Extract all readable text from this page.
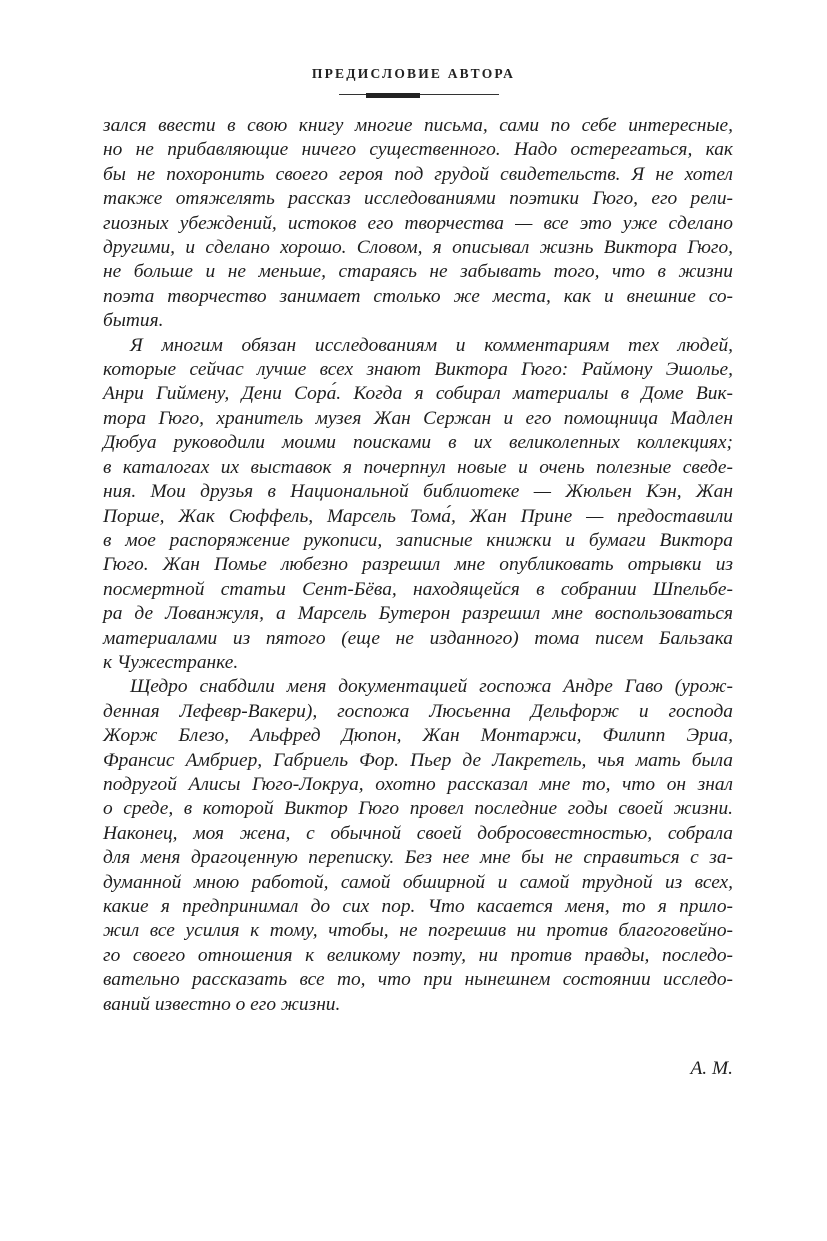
ПРЕДИСЛОВИЕ АВТОРА
зался ввести в свою книгу многие письма, сами по себе интересные,
но не прибавляющие ничего существенного. Надо остерегаться, как
бы не похоронить своего героя под грудой свидетельств. Я не хотел
также отяжелять рассказ исследованиями поэтики Гюго, его рели-
гиозных убеждений, истоков его творчества — все это уже сделано
другими, и сделано хорошо. Словом, я описывал жизнь Виктора Гюго,
не больше и не меньше, стараясь не забывать того, что в жизни
поэта творчество занимает столько же места, как и внешние со-
бытия.
Я многим обязан исследованиям и комментариям тех людей,
которые сейчас лучше всех знают Виктора Гюго: Раймону Эшолье,
Анри Гиймену, Дени Сора́. Когда я собирал материалы в Доме Вик-
тора Гюго, хранитель музея Жан Сержан и его помощница Мадлен
Дюбуа руководили моими поисками в их великолепных коллекциях;
в каталогах их выставок я почерпнул новые и очень полезные сведе-
ния. Мои друзья в Национальной библиотеке — Жюльен Кэн, Жан
Порше, Жак Сюффель, Марсель Тома́, Жан Прине — предоставили
в мое распоряжение рукописи, записные книжки и бумаги Виктора
Гюго. Жан Помье любезно разрешил мне опубликовать отрывки из
посмертной статьи Сент-Бёва, находящейся в собрании Шпельбе-
ра де Лованжуля, а Марсель Бутерон разрешил мне воспользоваться
материалами из пятого (еще не изданного) тома писем Бальзака
к Чужестранке.
Щедро снабдили меня документацией госпожа Андре Гаво (урож-
денная Лефевр-Вакери), госпожа Люсьенна Дельфорж и господа
Жорж Блезо, Альфред Дюпон, Жан Монтаржи, Филипп Эриа,
Франсис Амбриер, Габриель Фор. Пьер де Лакретель, чья мать была
подругой Алисы Гюго-Локруа, охотно рассказал мне то, что он знал
о среде, в которой Виктор Гюго провел последние годы своей жизни.
Наконец, моя жена, с обычной своей добросовестностью, собрала
для меня драгоценную переписку. Без нее мне бы не справиться с за-
думанной мною работой, самой обширной и самой трудной из всех,
какие я предпринимал до сих пор. Что касается меня, то я прило-
жил все усилия к тому, чтобы, не погрешив ни против благоговейно-
го своего отношения к великому поэту, ни против правды, последо-
вательно рассказать все то, что при нынешнем состоянии исследо-
ваний известно о его жизни.
А. М.
